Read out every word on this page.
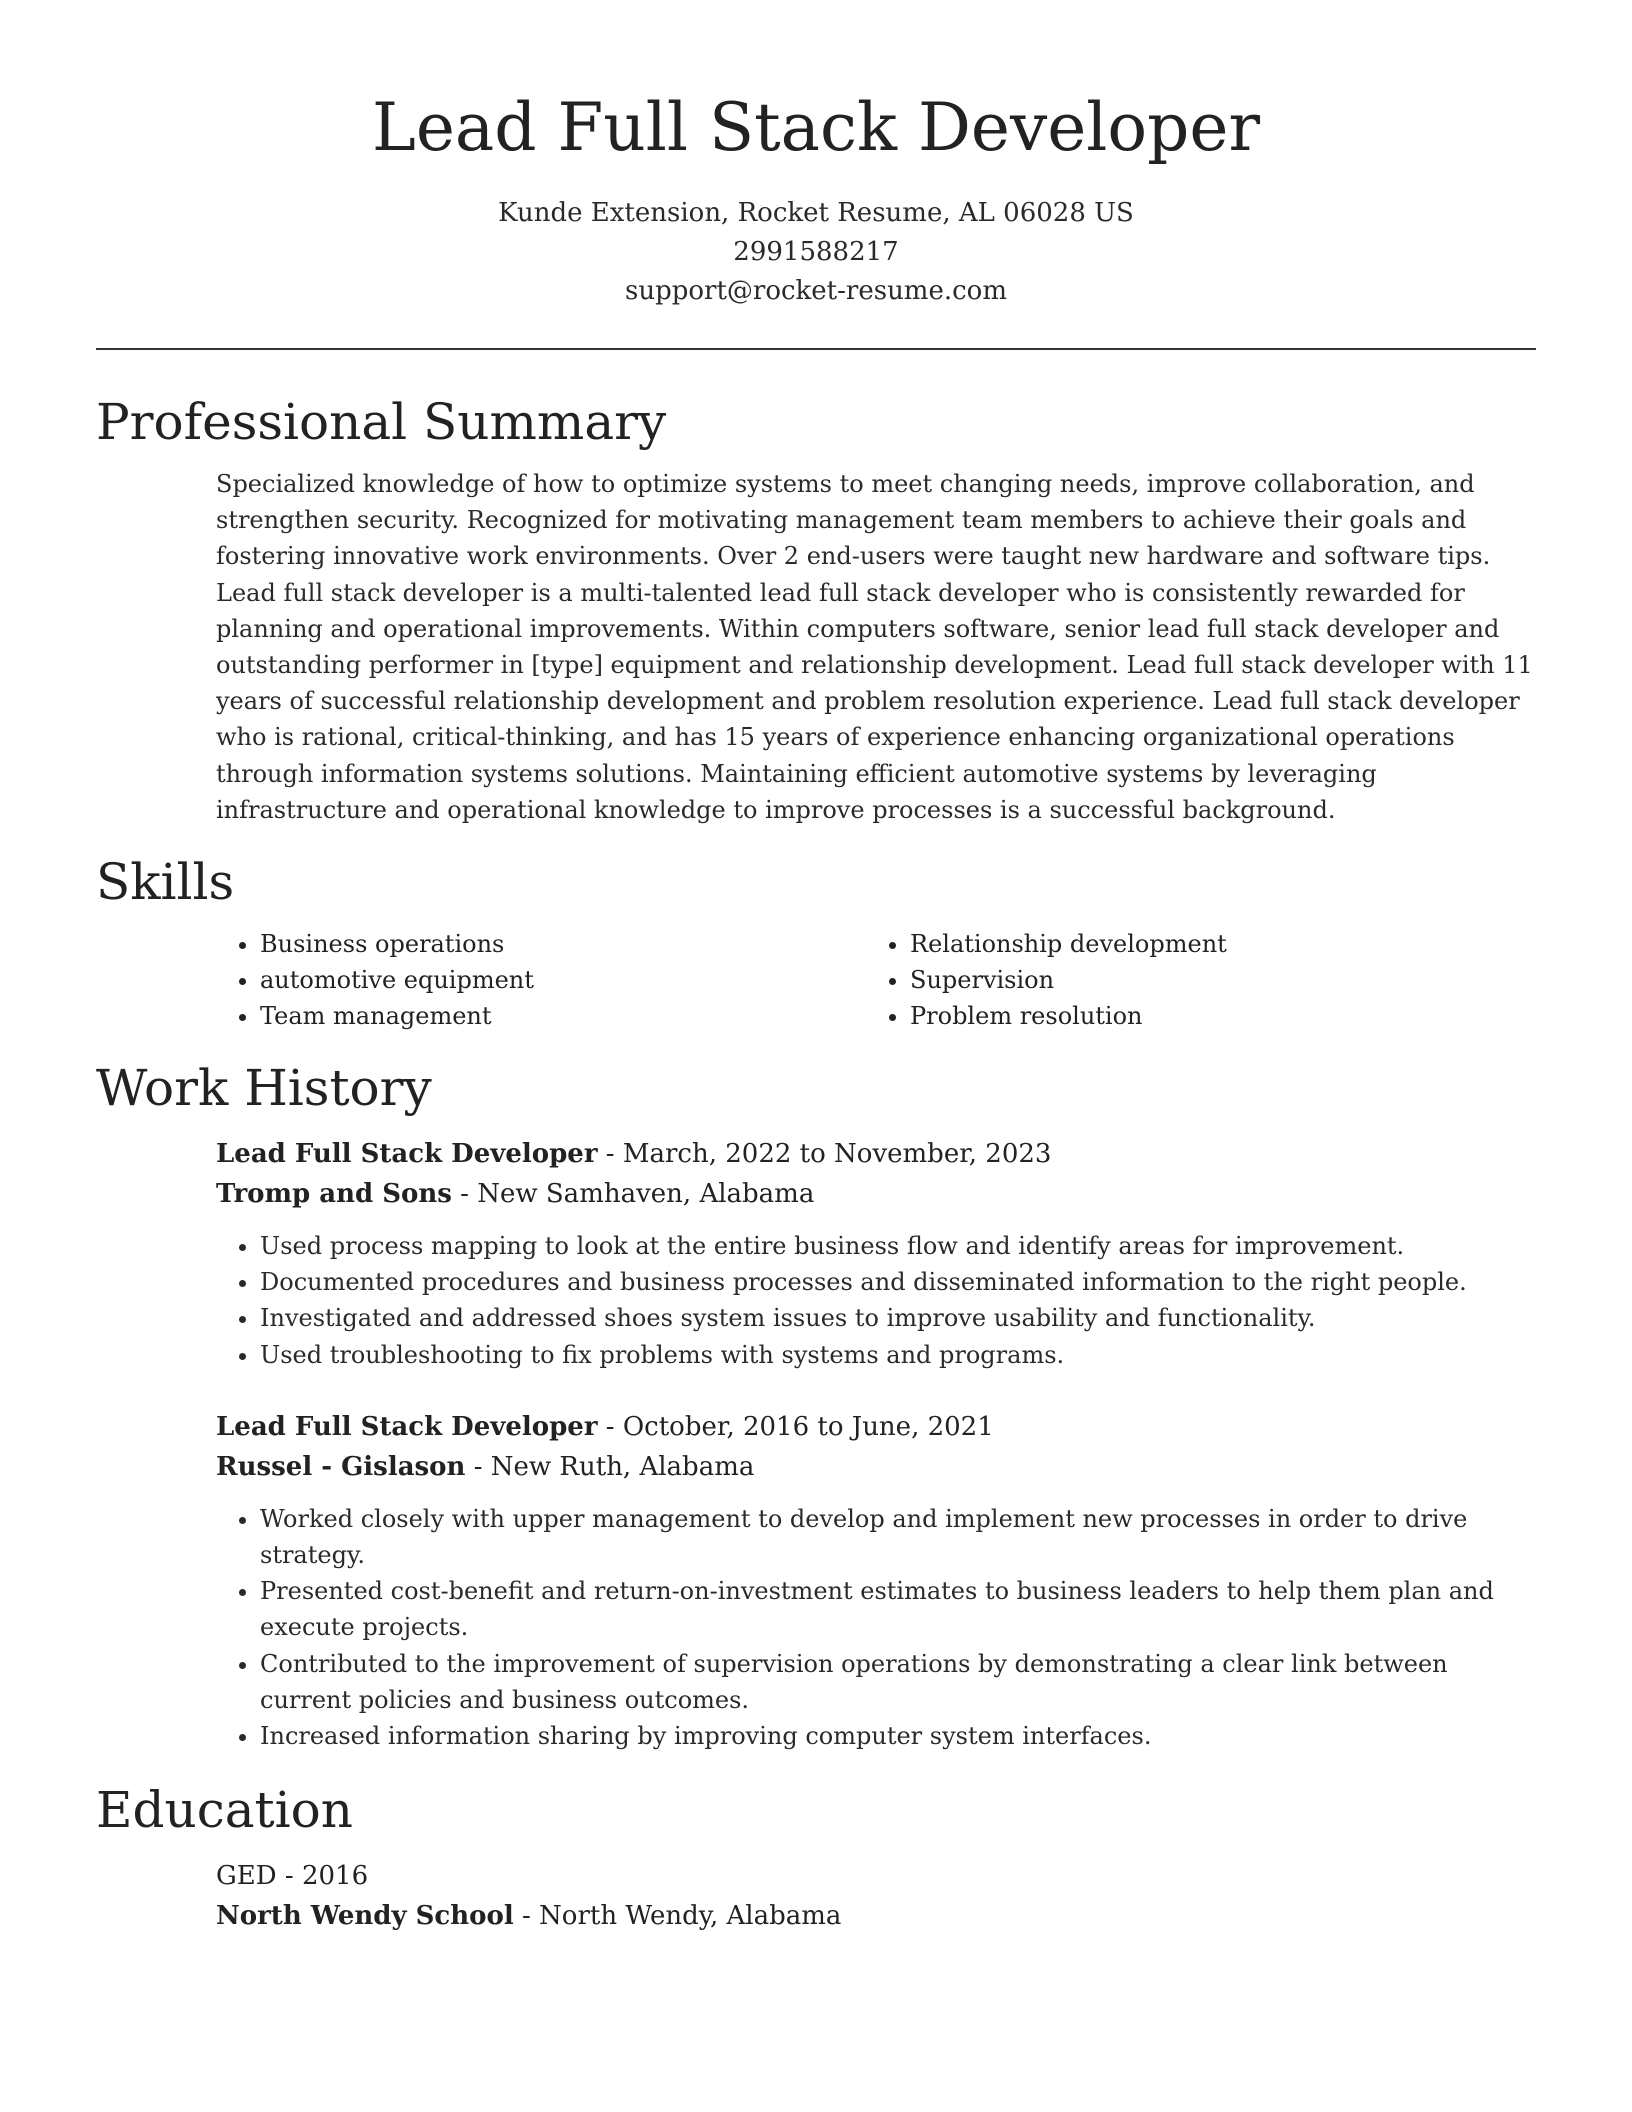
Lead Full Stack Developer
Kunde Extension, Rocket Resume, AL 06028 US
2991588217
support@rocket-resume.com
Professional Summary
Specialized knowledge of how to optimize systems to meet changing needs, improve collaboration, and strengthen security. Recognized for motivating management team members to achieve their goals and fostering innovative work environments. Over 2 end-users were taught new hardware and software tips. Lead full stack developer is a multi-talented lead full stack developer who is consistently rewarded for planning and operational improvements. Within computers software, senior lead full stack developer and outstanding performer in [type] equipment and relationship development. Lead full stack developer with 11 years of successful relationship development and problem resolution experience. Lead full stack developer who is rational, critical-thinking, and has 15 years of experience enhancing organizational operations through information systems solutions. Maintaining efficient automotive systems by leveraging infrastructure and operational knowledge to improve processes is a successful background.
Skills
• Business operations
• automotive equipment
• Team management
• Relationship development
• Supervision
• Problem resolution
Work History
Lead Full Stack Developer - March, 2022 to November, 2023
Tromp and Sons - New Samhaven, Alabama
• Used process mapping to look at the entire business flow and identify areas for improvement.
• Documented procedures and business processes and disseminated information to the right people.
• Investigated and addressed shoes system issues to improve usability and functionality.
• Used troubleshooting to fix problems with systems and programs.
Lead Full Stack Developer - October, 2016 to June, 2021
Russel - Gislason - New Ruth, Alabama
• Worked closely with upper management to develop and implement new processes in order to drive strategy.
• Presented cost-benefit and return-on-investment estimates to business leaders to help them plan and execute projects.
• Contributed to the improvement of supervision operations by demonstrating a clear link between current policies and business outcomes.
• Increased information sharing by improving computer system interfaces.
Education
GED - 2016
North Wendy School - North Wendy, Alabama
